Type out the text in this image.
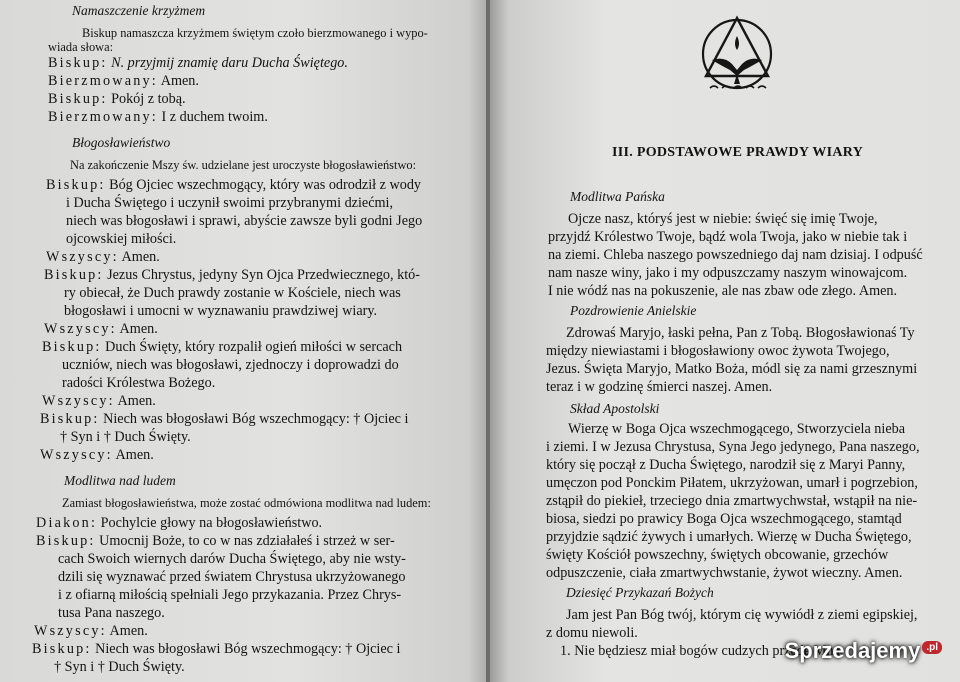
Namaszczenie krzyżmem
Biskup namaszcza krzyżmem świętym czoło bierzmowanego i wypo-
wiada słowa:
Biskup: N. przyjmij znamię daru Ducha Świętego.
Bierzmowany: Amen.
Biskup: Pokój z tobą.
Bierzmowany: I z duchem twoim.
Błogosławieństwo
Na zakończenie Mszy św. udzielane jest uroczyste błogosławieństwo:
Biskup: Bóg Ojciec wszechmogący, który was odrodził z wody
i Ducha Świętego i uczynił swoimi przybranymi dziećmi,
niech was błogosławi i sprawi, abyście zawsze byli godni Jego
ojcowskiej miłości.
Wszyscy: Amen.
Biskup: Jezus Chrystus, jedyny Syn Ojca Przedwiecznego, któ-
ry obiecał, że Duch prawdy zostanie w Kościele, niech was
błogosławi i umocni w wyznawaniu prawdziwej wiary.
Wszyscy: Amen.
Biskup: Duch Święty, który rozpalił ogień miłości w sercach
uczniów, niech was błogosławi, zjednoczy i doprowadzi do
radości Królestwa Bożego.
Wszyscy: Amen.
Biskup: Niech was błogosławi Bóg wszechmogący: † Ojciec i
† Syn i † Duch Święty.
Wszyscy: Amen.
Modlitwa nad ludem
Zamiast błogosławieństwa, może zostać odmówiona modlitwa nad ludem:
Diakon: Pochylcie głowy na błogosławieństwo.
Biskup: Umocnij Boże, to co w nas zdziałałeś i strzeż w ser-
cach Swoich wiernych darów Ducha Świętego, aby nie wsty-
dzili się wyznawać przed światem Chrystusa ukrzyżowanego
i z ofiarną miłością spełniali Jego przykazania. Przez Chrys-
tusa Pana naszego.
Wszyscy: Amen.
Biskup: Niech was błogosławi Bóg wszechmogący: † Ojciec i
† Syn i † Duch Święty.
III. PODSTAWOWE PRAWDY WIARY
Modlitwa Pańska
Ojcze nasz, któryś jest w niebie: święć się imię Twoje,
przyjdź Królestwo Twoje, bądź wola Twoja, jako w niebie tak i
na ziemi. Chleba naszego powszedniego daj nam dzisiaj. I odpuść
nam nasze winy, jako i my odpuszczamy naszym winowajcom.
I nie wódź nas na pokuszenie, ale nas zbaw ode złego. Amen.
Pozdrowienie Anielskie
Zdrowaś Maryjo, łaski pełna, Pan z Tobą. Błogosławionaś Ty
między niewiastami i błogosławiony owoc żywota Twojego,
Jezus. Święta Maryjo, Matko Boża, módl się za nami grzesznymi
teraz i w godzinę śmierci naszej. Amen.
Skład Apostolski
Wierzę w Boga Ojca wszechmogącego, Stworzyciela nieba
i ziemi. I w Jezusa Chrystusa, Syna Jego jedynego, Pana naszego,
który się począł z Ducha Świętego, narodził się z Maryi Panny,
umęczon pod Ponckim Piłatem, ukrzyżowan, umarł i pogrzebion,
zstąpił do piekieł, trzeciego dnia zmartwychwstał, wstąpił na nie-
biosa, siedzi po prawicy Boga Ojca wszechmogącego, stamtąd
przyjdzie sądzić żywych i umarłych. Wierzę w Ducha Świętego,
święty Kościół powszechny, świętych obcowanie, grzechów
odpuszczenie, ciała zmartwychwstanie, żywot wieczny. Amen.
Dziesięć Przykazań Bożych
Jam jest Pan Bóg twój, którym cię wywiódł z ziemi egipskiej,
z domu niewoli.
1. Nie będziesz miał bogów cudzych przede Mną.
Sprzedajemy .pl
